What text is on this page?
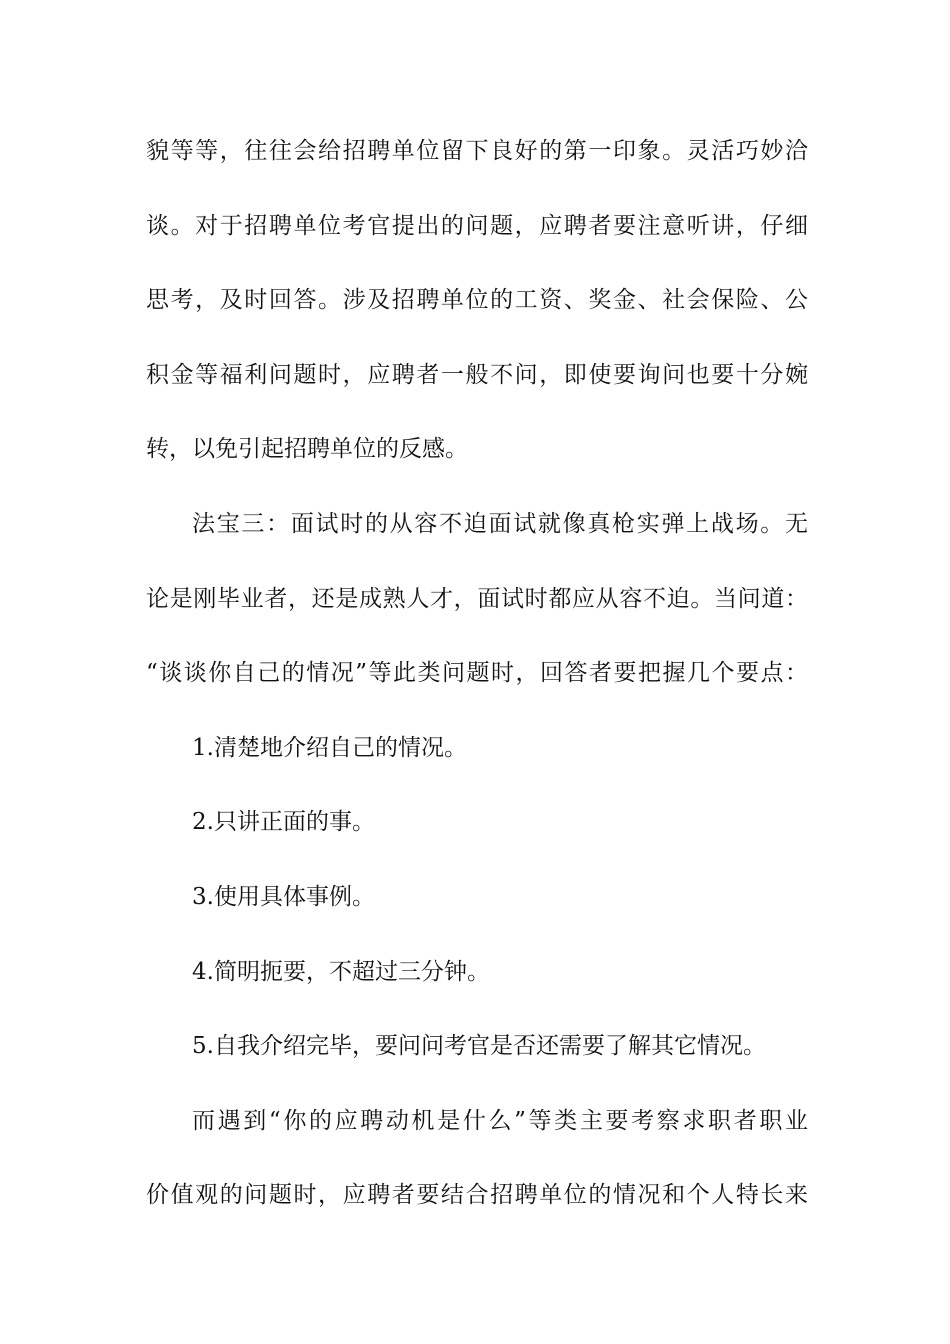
貌等等，往往会给招聘单位留下良好的第一印象。灵活巧妙洽
谈。对于招聘单位考官提出的问题，应聘者要注意听讲，仔细
思考，及时回答。涉及招聘单位的工资、奖金、社会保险、公
积金等福利问题时，应聘者一般不问，即使要询问也要十分婉
转，以免引起招聘单位的反感。
法宝三：面试时的从容不迫面试就像真枪实弹上战场。无
论是刚毕业者，还是成熟人才，面试时都应从容不迫。当问道：
“谈谈你自己的情况”等此类问题时，回答者要把握几个要点：
1.清楚地介绍自己的情况。
2.只讲正面的事。
3.使用具体事例。
4.简明扼要，不超过三分钟。
5.自我介绍完毕，要问问考官是否还需要了解其它情况。
而遇到“你的应聘动机是什么”等类主要考察求职者职业
价值观的问题时，应聘者要结合招聘单位的情况和个人特长来
